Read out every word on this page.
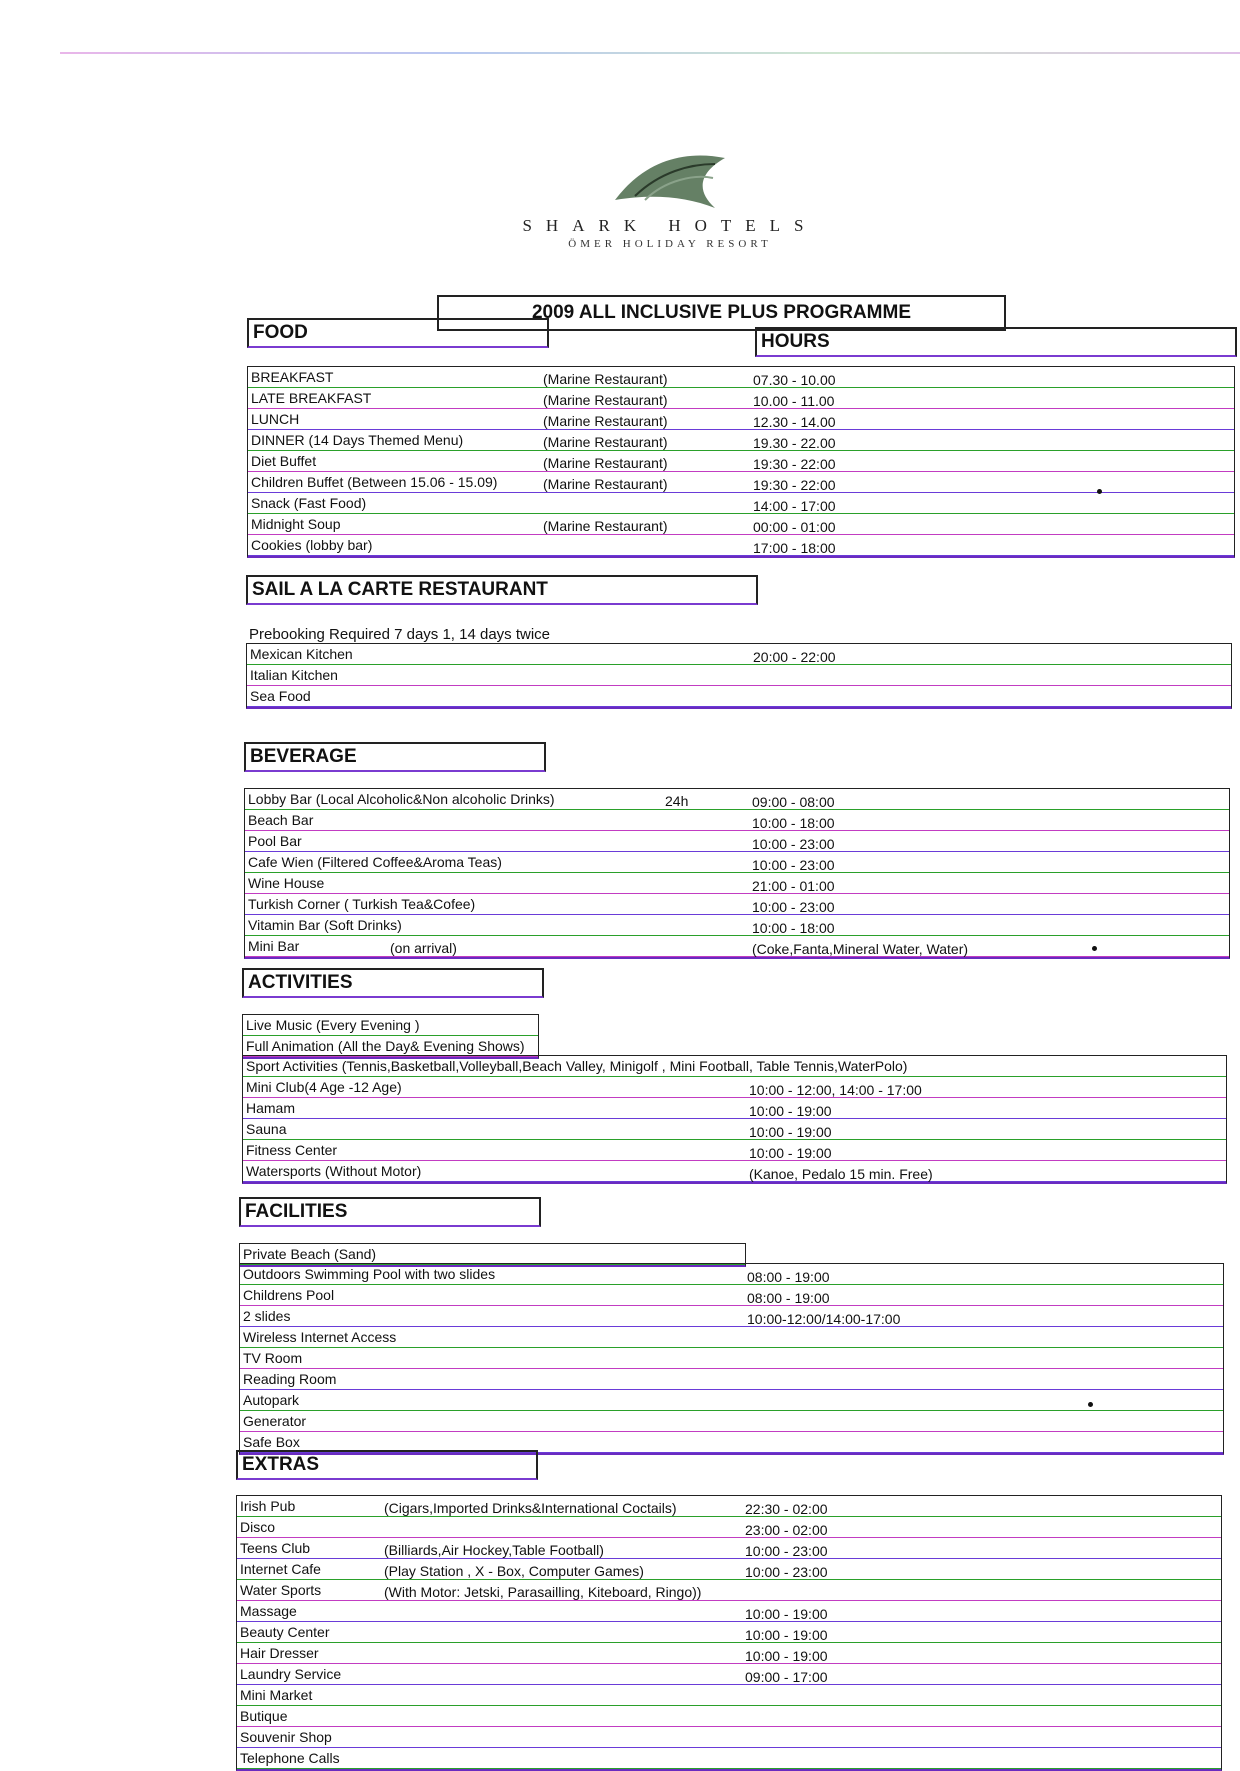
SHARK HOTELS
ÖMER HOLIDAY RESORT
2009 ALL INCLUSIVE PLUS PROGRAMME
FOOD	HOURS
BREAKFAST	(Marine Restaurant)	07.30 - 10.00
LATE BREAKFAST	(Marine Restaurant)	10.00 - 11.00
LUNCH	(Marine Restaurant)	12.30 - 14.00
DINNER (14 Days Themed Menu)	(Marine Restaurant)	19.30 - 22.00
Diet Buffet	(Marine Restaurant)	19:30 - 22:00
Children Buffet (Between 15.06 - 15.09)	(Marine Restaurant)	19:30 - 22:00
Snack (Fast Food)	14:00 - 17:00
Midnight Soup	(Marine Restaurant)	00:00 - 01:00
Cookies (lobby bar)	17:00 - 18:00
SAIL A LA CARTE RESTAURANT
Prebooking Required 7 days 1, 14 days twice
Mexican Kitchen	20:00 - 22:00
Italian Kitchen
Sea Food
BEVERAGE
Lobby Bar (Local Alcoholic&Non alcoholic Drinks)	24h	09:00 - 08:00
Beach Bar	10:00 - 18:00
Pool Bar	10:00 - 23:00
Cafe Wien (Filtered Coffee&Aroma Teas)	10:00 - 23:00
Wine House	21:00 - 01:00
Turkish Corner ( Turkish Tea&Cofee)	10:00 - 23:00
Vitamin Bar (Soft Drinks)	10:00 - 18:00
Mini Bar	(on arrival)	(Coke,Fanta,Mineral Water, Water)
ACTIVITIES
Live Music (Every Evening )
Full Animation (All the Day& Evening Shows)
Sport Activities (Tennis,Basketball,Volleyball,Beach Valley, Minigolf , Mini Football, Table Tennis,WaterPolo)
Mini Club(4 Age -12 Age)	10:00 - 12:00, 14:00 - 17:00
Hamam	10:00 - 19:00
Sauna	10:00 - 19:00
Fitness Center	10:00 - 19:00
Watersports (Without Motor)	(Kanoe, Pedalo 15 min. Free)
FACILITIES
Private Beach (Sand)
Outdoors Swimming Pool with two slides	08:00 - 19:00
Childrens Pool	08:00 - 19:00
2 slides	10:00-12:00/14:00-17:00
Wireless Internet Access
TV Room
Reading Room
Autopark
Generator
Safe Box
EXTRAS
Irish Pub	(Cigars,Imported Drinks&International Coctails)	22:30 - 02:00
Disco	23:00 - 02:00
Teens Club	(Billiards,Air Hockey,Table Football)	10:00 - 23:00
Internet Cafe	(Play Station , X - Box, Computer Games)	10:00 - 23:00
Water Sports	(With Motor: Jetski, Parasailling, Kiteboard, Ringo))
Massage	10:00 - 19:00
Beauty Center	10:00 - 19:00
Hair Dresser	10:00 - 19:00
Laundry Service	09:00 - 17:00
Mini Market
Butique
Souvenir Shop
Telephone Calls
